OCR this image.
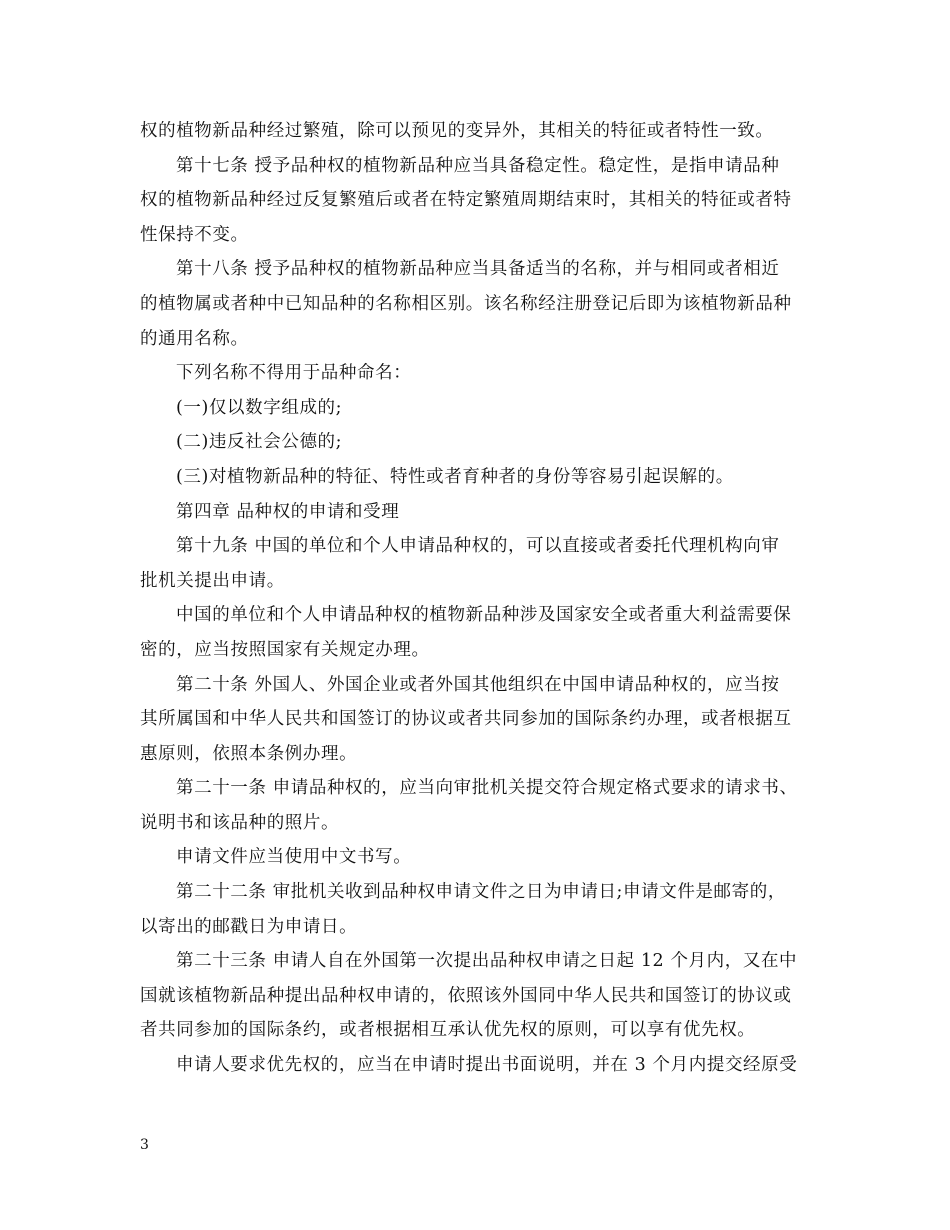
权的植物新品种经过繁殖，除可以预见的变异外，其相关的特征或者特性一致。
第十七条 授予品种权的植物新品种应当具备稳定性。稳定性，是指申请品种
权的植物新品种经过反复繁殖后或者在特定繁殖周期结束时，其相关的特征或者特
性保持不变。
第十八条 授予品种权的植物新品种应当具备适当的名称，并与相同或者相近
的植物属或者种中已知品种的名称相区别。该名称经注册登记后即为该植物新品种
的通用名称。
下列名称不得用于品种命名：
(一)仅以数字组成的;
(二)违反社会公德的;
(三)对植物新品种的特征、特性或者育种者的身份等容易引起误解的。
第四章 品种权的申请和受理
第十九条 中国的单位和个人申请品种权的，可以直接或者委托代理机构向审
批机关提出申请。
中国的单位和个人申请品种权的植物新品种涉及国家安全或者重大利益需要保
密的，应当按照国家有关规定办理。
第二十条 外国人、外国企业或者外国其他组织在中国申请品种权的，应当按
其所属国和中华人民共和国签订的协议或者共同参加的国际条约办理，或者根据互
惠原则，依照本条例办理。
第二十一条 申请品种权的，应当向审批机关提交符合规定格式要求的请求书、
说明书和该品种的照片。
申请文件应当使用中文书写。
第二十二条 审批机关收到品种权申请文件之日为申请日;申请文件是邮寄的，
以寄出的邮戳日为申请日。
第二十三条 申请人自在外国第一次提出品种权申请之日起 12 个月内，又在中
国就该植物新品种提出品种权申请的，依照该外国同中华人民共和国签订的协议或
者共同参加的国际条约，或者根据相互承认优先权的原则，可以享有优先权。
申请人要求优先权的，应当在申请时提出书面说明，并在 3 个月内提交经原受
3
